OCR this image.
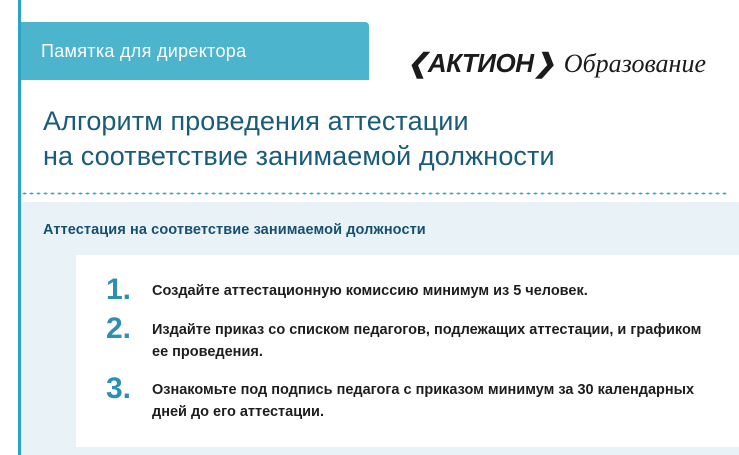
Памятка для директора	❮АКТИОН❯ Образование
Алгоритм проведения аттестации
на соответствие занимаемой должности
Аттестация на соответствие занимаемой должности
1.	Создайте аттестационную комиссию минимум из 5 человек.
2.	Издайте приказ со списком педагогов, подлежащих аттестации, и графиком ее проведения.
3.	Ознакомьте под подпись педагога с приказом минимум за 30 календарных дней до его аттестации.
